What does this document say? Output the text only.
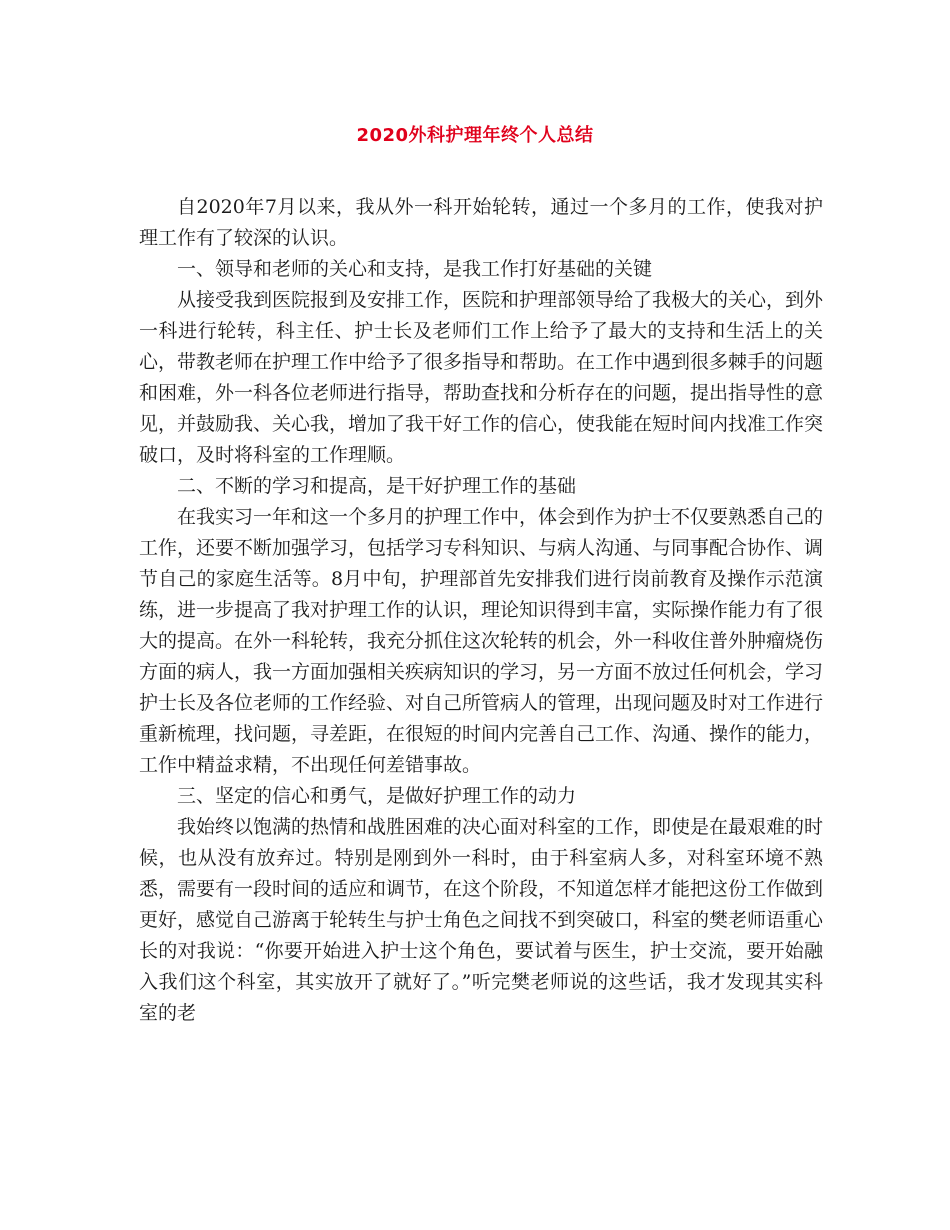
2020外科护理年终个人总结

自2020年7月以来，我从外一科开始轮转，通过一个多月的工作，使我对护理工作有了较深的认识。

一、领导和老师的关心和支持，是我工作打好基础的关键

从接受我到医院报到及安排工作，医院和护理部领导给了我极大的关心，到外一科进行轮转，科主任、护士长及老师们工作上给予了最大的支持和生活上的关心，带教老师在护理工作中给予了很多指导和帮助。在工作中遇到很多棘手的问题和困难，外一科各位老师进行指导，帮助查找和分析存在的问题，提出指导性的意见，并鼓励我、关心我，增加了我干好工作的信心，使我能在短时间内找准工作突破口，及时将科室的工作理顺。

二、不断的学习和提高，是干好护理工作的基础

在我实习一年和这一个多月的护理工作中，体会到作为护士不仅要熟悉自己的工作，还要不断加强学习，包括学习专科知识、与病人沟通、与同事配合协作、调节自己的家庭生活等。8月中旬，护理部首先安排我们进行岗前教育及操作示范演练，进一步提高了我对护理工作的认识，理论知识得到丰富，实际操作能力有了很大的提高。在外一科轮转，我充分抓住这次轮转的机会，外一科收住普外肿瘤烧伤方面的病人，我一方面加强相关疾病知识的学习，另一方面不放过任何机会，学习护士长及各位老师的工作经验、对自己所管病人的管理，出现问题及时对工作进行重新梳理，找问题，寻差距，在很短的时间内完善自己工作、沟通、操作的能力，工作中精益求精，不出现任何差错事故。

三、坚定的信心和勇气，是做好护理工作的动力

我始终以饱满的热情和战胜困难的决心面对科室的工作，即使是在最艰难的时候，也从没有放弃过。特别是刚到外一科时，由于科室病人多，对科室环境不熟悉，需要有一段时间的适应和调节，在这个阶段，不知道怎样才能把这份工作做到更好，感觉自己游离于轮转生与护士角色之间找不到突破口，科室的樊老师语重心长的对我说：“你要开始进入护士这个角色，要试着与医生，护士交流，要开始融入我们这个科室，其实放开了就好了。”听完樊老师说的这些话，我才发现其实科室的老
